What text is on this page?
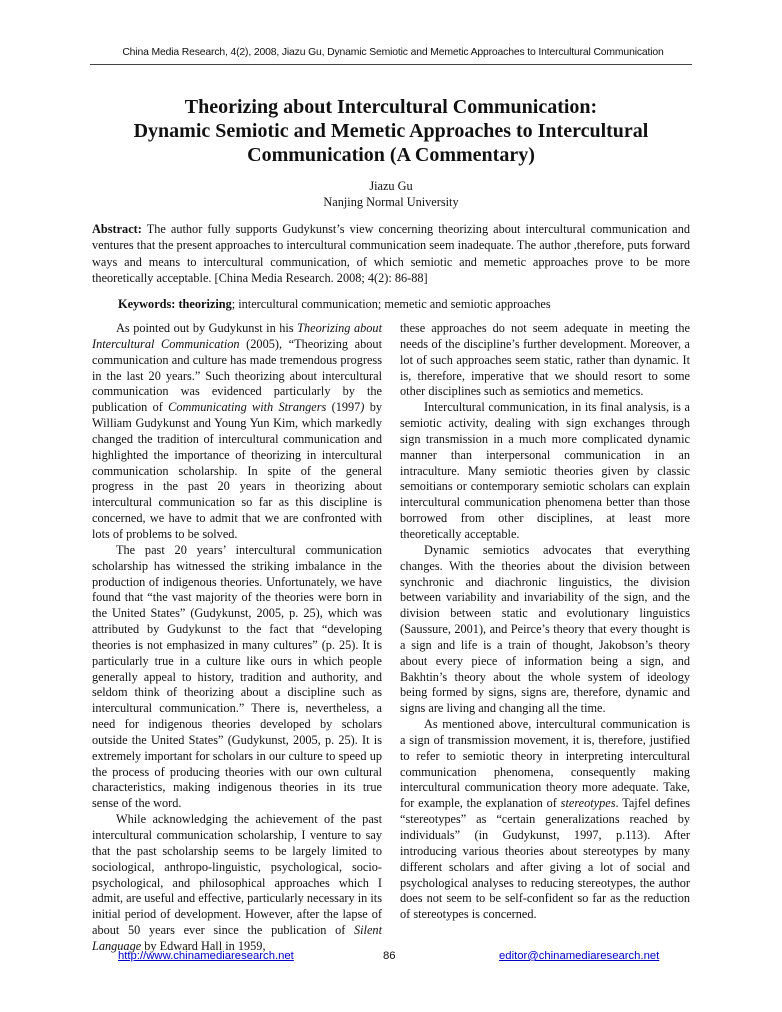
China Media Research, 4(2), 2008, Jiazu Gu, Dynamic Semiotic and Memetic Approaches to Intercultural Communication
Theorizing about Intercultural Communication:
Dynamic Semiotic and Memetic Approaches to Intercultural
Communication (A Commentary)
Jiazu Gu
Nanjing Normal University

Abstract: The author fully supports Gudykunst’s view concerning theorizing about intercultural communication and ventures that the present approaches to intercultural communication seem inadequate. The author ,therefore, puts forward ways and means to intercultural communication, of which semiotic and memetic approaches prove to be more theoretically acceptable. [China Media Research. 2008; 4(2): 86-88]

Keywords: theorizing; intercultural communication; memetic and semiotic approaches

As pointed out by Gudykunst in his Theorizing about Intercultural Communication (2005), “Theorizing about communication and culture has made tremendous progress in the last 20 years.” Such theorizing about intercultural communication was evidenced particularly by the publication of Communicating with Strangers (1997) by William Gudykunst and Young Yun Kim, which markedly changed the tradition of intercultural communication and highlighted the importance of theorizing in intercultural communication scholarship. In spite of the general progress in the past 20 years in theorizing about intercultural communication so far as this discipline is concerned, we have to admit that we are confronted with lots of problems to be solved.

The past 20 years’ intercultural communication scholarship has witnessed the striking imbalance in the production of indigenous theories. Unfortunately, we have found that “the vast majority of the theories were born in the United States” (Gudykunst, 2005, p. 25), which was attributed by Gudykunst to the fact that “developing theories is not emphasized in many cultures” (p. 25). It is particularly true in a culture like ours in which people generally appeal to history, tradition and authority, and seldom think of theorizing about a discipline such as intercultural communication.” There is, nevertheless, a need for indigenous theories developed by scholars outside the United States” (Gudykunst, 2005, p. 25). It is extremely important for scholars in our culture to speed up the process of producing theories with our own cultural characteristics, making indigenous theories in its true sense of the word.

While acknowledging the achievement of the past intercultural communication scholarship, I venture to say that the past scholarship seems to be largely limited to sociological, anthropo-linguistic, psychological, socio-psychological, and philosophical approaches which I admit, are useful and effective, particularly necessary in its initial period of development. However, after the lapse of about 50 years ever since the publication of Silent Language by Edward Hall in 1959,

these approaches do not seem adequate in meeting the needs of the discipline’s further development. Moreover, a lot of such approaches seem static, rather than dynamic. It is, therefore, imperative that we should resort to some other disciplines such as semiotics and memetics.

Intercultural communication, in its final analysis, is a semiotic activity, dealing with sign exchanges through sign transmission in a much more complicated dynamic manner than interpersonal communication in an intraculture. Many semiotic theories given by classic semoitians or contemporary semiotic scholars can explain intercultural communication phenomena better than those borrowed from other disciplines, at least more theoretically acceptable.

Dynamic semiotics advocates that everything changes. With the theories about the division between synchronic and diachronic linguistics, the division between variability and invariability of the sign, and the division between static and evolutionary linguistics (Saussure, 2001), and Peirce’s theory that every thought is a sign and life is a train of thought, Jakobson’s theory about every piece of information being a sign, and Bakhtin’s theory about the whole system of ideology being formed by signs, signs are, therefore, dynamic and signs are living and changing all the time.

As mentioned above, intercultural communication is a sign of transmission movement, it is, therefore, justified to refer to semiotic theory in interpreting intercultural communication phenomena, consequently making intercultural communication theory more adequate. Take, for example, the explanation of stereotypes. Tajfel defines “stereotypes” as “certain generalizations reached by individuals” (in Gudykunst, 1997, p.113). After introducing various theories about stereotypes by many different scholars and after giving a lot of social and psychological analyses to reducing stereotypes, the author does not seem to be self-confident so far as the reduction of stereotypes is concerned.

http://www.chinamediaresearch.net	86	editor@chinamediaresearch.net
